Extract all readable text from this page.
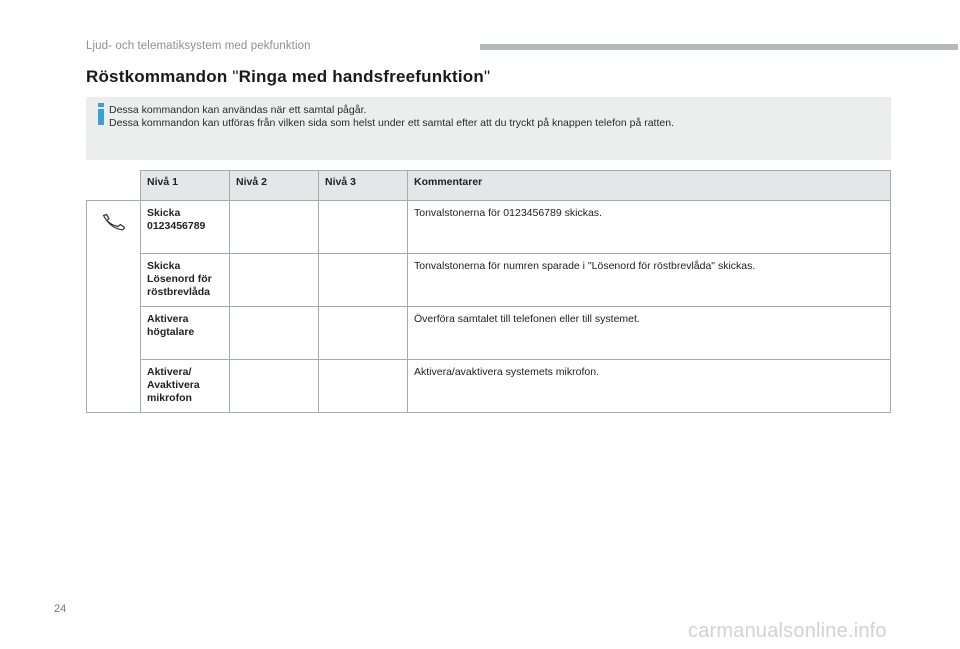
Ljud- och telematiksystem med pekfunktion
Röstkommandon "Ringa med handsfreefunktion"
Dessa kommandon kan användas när ett samtal pågår.
Dessa kommandon kan utföras från vilken sida som helst under ett samtal efter att du tryckt på knappen telefon på ratten.
	Nivå 1	Nivå 2	Nivå 3	Kommentarer
	Skicka 0123456789			Tonvalstonerna för 0123456789 skickas.
	Skicka Lösenord för röstbrevlåda			Tonvalstonerna för numren sparade i "Lösenord för röstbrevlåda" skickas.
	Aktivera högtalare			Överföra samtalet till telefonen eller till systemet.
	Aktivera/ Avaktivera mikrofon			Aktivera/avaktivera systemets mikrofon.
24
carmanualsonline.info
